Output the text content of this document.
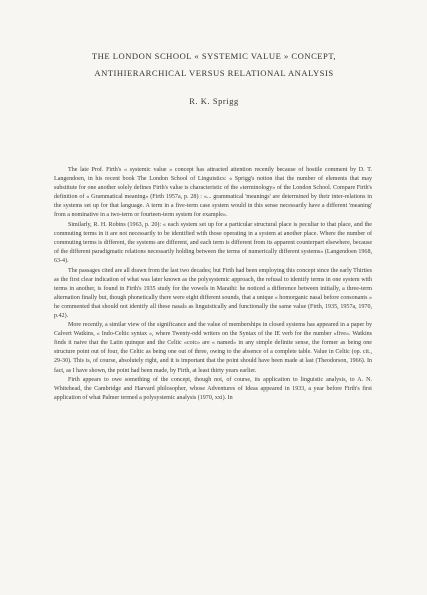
THE LONDON SCHOOL « SYSTEMIC VALUE » CONCEPT,
ANTIHIERARCHICAL VERSUS RELATIONAL ANALYSIS
R. K. Sprigg

The late Prof. Firth's « systemic value » concept has attracted attention recently because of hostile comment by D. T. Langendoen, in his recent book The London School of Linguistics: « Sprigg's notion that the number of elements that may substitute for one another solely defines Firth's value is characteristic of the «terminology» of the London School. Compare Firth's definition of « Grammatical meaning» (Firth 1957a, p. 28) : «... grammatical 'meanings' are determined by their inter-relations in the systems set up for that language. A term in a five-term case system would in this sense necessarily have a different 'meaning' from a nominative in a two-term or fourteen-term system for example».

Similarly, R. H. Robins (1963, p. 20): « each system set up for a particular structural place is peculiar to that place, and the commuting terms in it are not necessarily to be identified with those operating in a system at another place. Where the number of commuting terms is different, the systems are different, and each term is different from its apparent counterpart elsewhere, because of the different paradigmatic relations necessarily holding between the terms of numerically different systems» (Langendoen 1968, 63-4).

The passages cited are all drawn from the last two decades; but Firth had been employing this concept since the early Thirties as the first clear indication of what was later known as the polysystemic approach, the refusal to identify terms in one system with terms in another, is found in Firth's 1935 study for the vowels in Marathi: he noticed a difference between initially, a three-term alternation finally but, though phonetically there were eight different sounds, that a unique « homorganic nasal before consonants » he commented that should not identify all these nasals as linguistically and functionally the same value (Firth, 1935, 1957a, 1970, p.42).

More recently, a similar view of the significance and the value of memberships in closed systems has appeared in a paper by Calvert Watkins, « Indo-Celtic syntax », where Twenty-odd writers on the Syntax of the IE verb for the number «five». Watkins finds it naive that the Latin quinque and the Celtic «coic» are « named» in any simple definite sense, the former as being one structure point out of four, the Celtic as being one out of three, owing to the absence of a complete table. Value in Celtic (op. cit., 29-30). This is, of course, absolutely right, and it is important that the point should have been made at last (Theodorson, 1966). In fact, as I have shown, the point had been made, by Firth, at least thirty years earlier.

Firth appears to owe something of the concept, though not, of course, its application to linguistic analysis, to A. N. Whitehead, the Cambridge and Harvard philosopher, whose Adventures of Ideas appeared in 1933, a year before Firth's first application of what Palmer termed a polysystemic analysis (1970, xxi). In
